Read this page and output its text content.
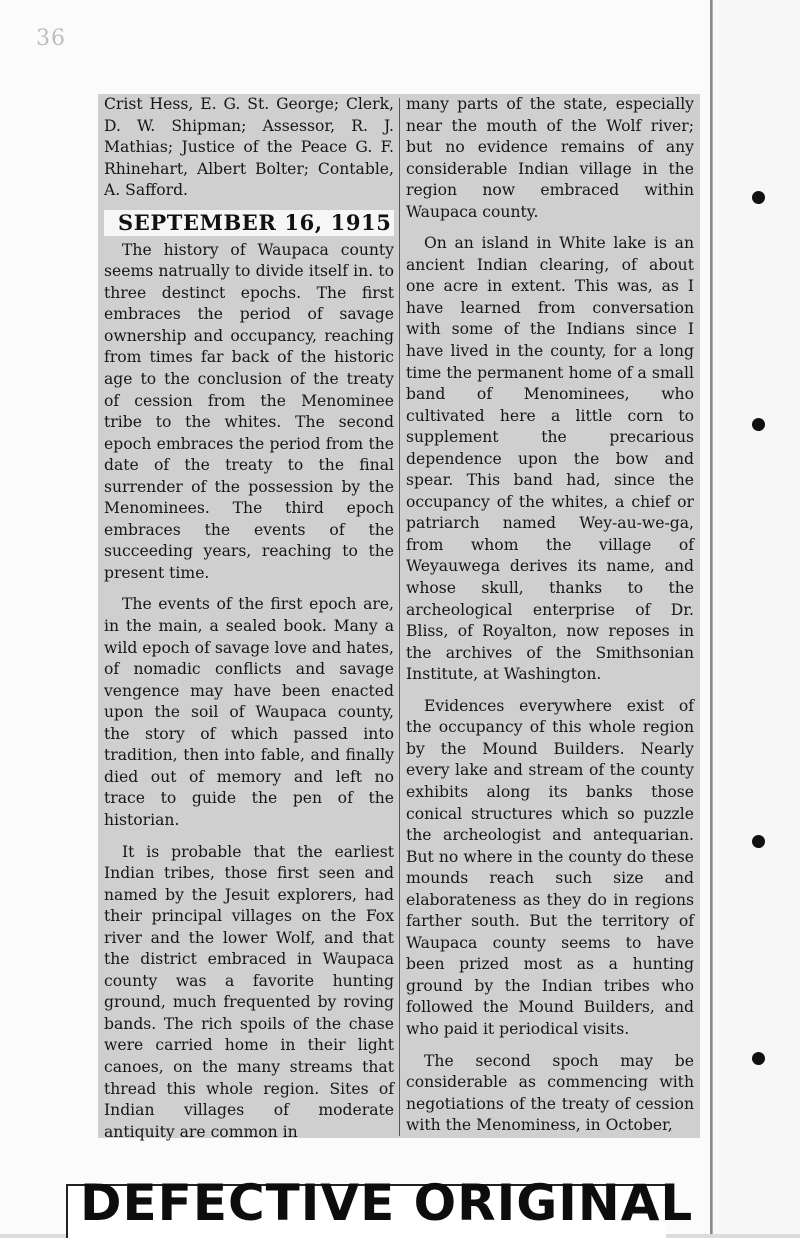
36

Crist Hess, E. G. St. George; Clerk, D. W. Shipman; Assessor, R. J. Mathias; Justice of the Peace G. F. Rhinehart, Albert Bolter; Contable, A. Safford.

SEPTEMBER 16, 1915

The history of Waupaca county seems natrually to divide itself in. to three destinct epochs. The first embraces the period of savage ownership and occupancy, reaching from times far back of the historic age to the conclusion of the treaty of cession from the Menominee tribe to the whites. The second epoch embraces the period from the date of the treaty to the final surrender of the possession by the Menominees. The third epoch embraces the events of the succeeding years, reaching to the present time.

The events of the first epoch are, in the main, a sealed book. Many a wild epoch of savage love and hates, of nomadic conflicts and savage vengence may have been enacted upon the soil of Waupaca county, the story of which passed into tradition, then into fable, and finally died out of memory and left no trace to guide the pen of the historian.

It is probable that the earliest Indian tribes, those first seen and named by the Jesuit explorers, had their principal villages on the Fox river and the lower Wolf, and that the district embraced in Waupaca county was a favorite hunting ground, much frequented by roving bands. The rich spoils of the chase were carried home in their light canoes, on the many streams that thread this whole region. Sites of Indian villages of moderate antiquity are common in

many parts of the state, especially near the mouth of the Wolf river; but no evidence remains of any considerable Indian village in the region now embraced within Waupaca county.

On an island in White lake is an ancient Indian clearing, of about one acre in extent. This was, as I have learned from conversation with some of the Indians since I have lived in the county, for a long time the permanent home of a small band of Menominees, who cultivated here a little corn to supplement the precarious dependence upon the bow and spear. This band had, since the occupancy of the whites, a chief or patriarch named Wey-au-we-ga, from whom the village of Weyauwega derives its name, and whose skull, thanks to the archeological enterprise of Dr. Bliss, of Royalton, now reposes in the archives of the Smithsonian Institute, at Washington.

Evidences everywhere exist of the occupancy of this whole region by the Mound Builders. Nearly every lake and stream of the county exhibits along its banks those conical structures which so puzzle the archeologist and antequarian. But no where in the county do these mounds reach such size and elaborateness as they do in regions farther south. But the territory of Waupaca county seems to have been prized most as a hunting ground by the Indian tribes who followed the Mound Builders, and who paid it periodical visits.

The second spoch may be considerable as commencing with negotiations of the treaty of cession with the Menominess, in October,

DEFECTIVE ORIGINAL
